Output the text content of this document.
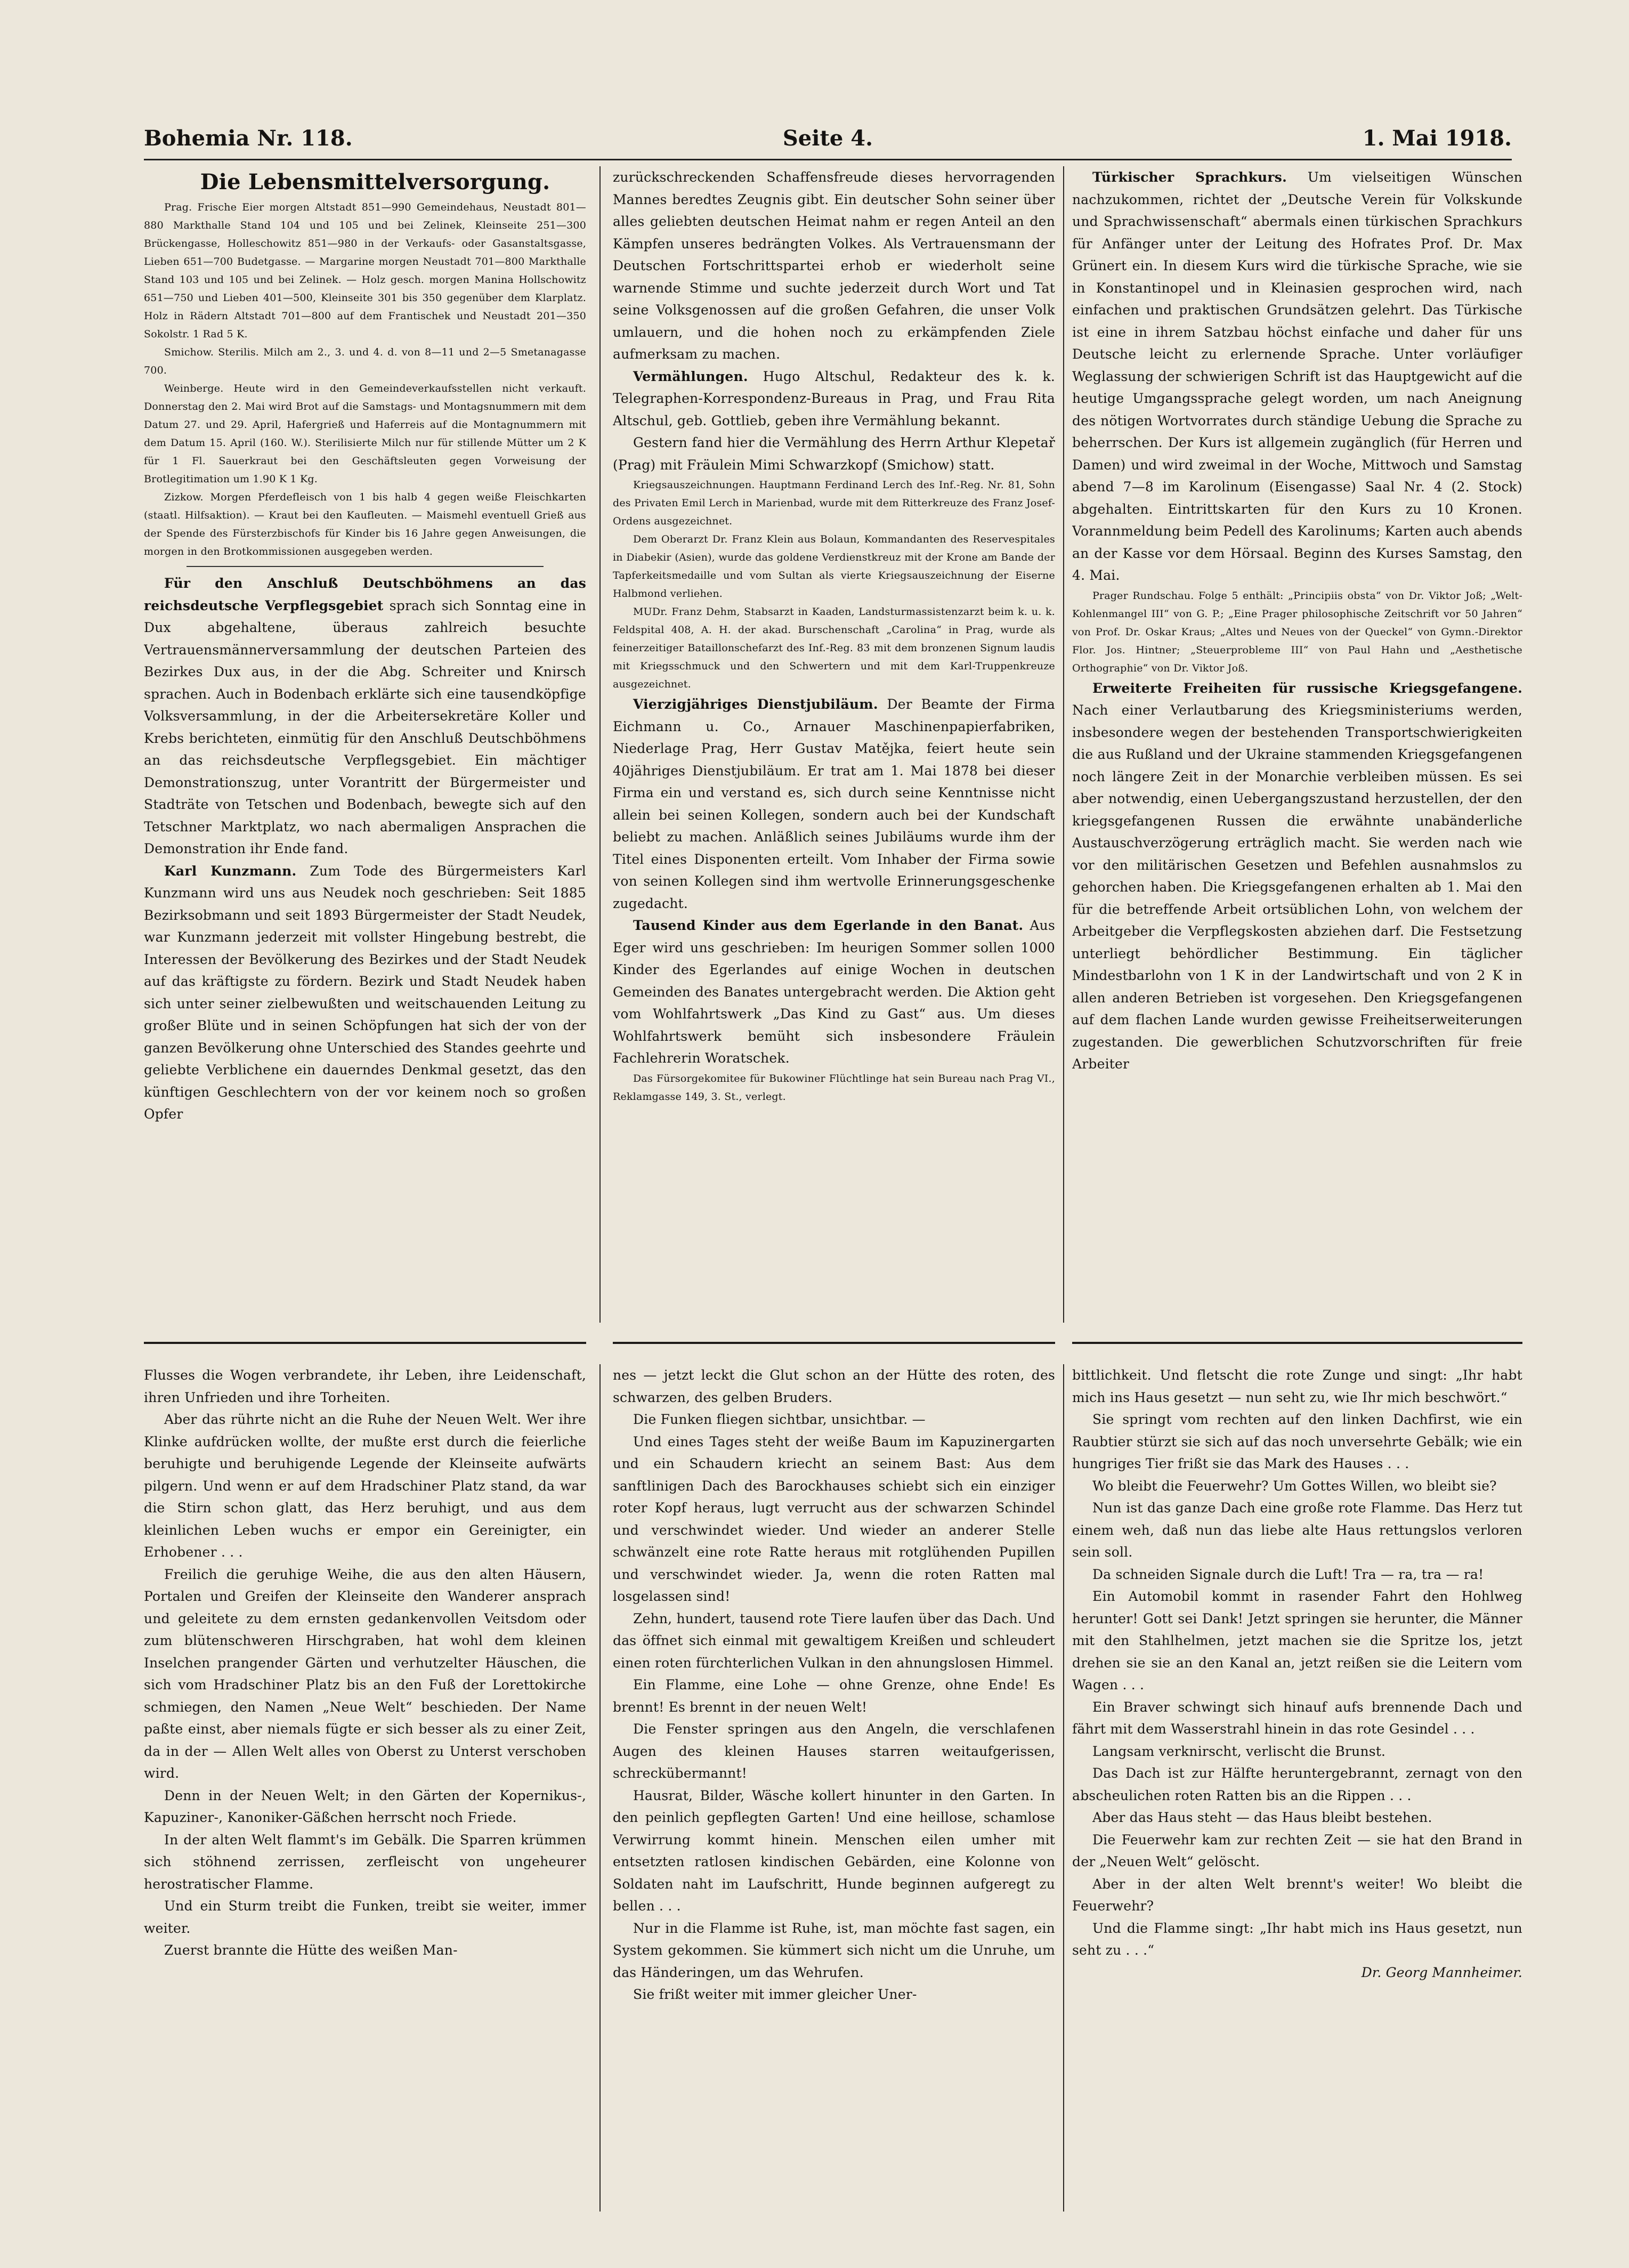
Bohemia Nr. 118.	Seite 4.	1. Mai 1918.

Die Lebensmittelversorgung.

Prag. Frische Eier morgen Altstadt 851—990 Gemeindehaus, Neustadt 801—880 Markthalle Stand 104 und 105 und bei Zelinek, Kleinseite 251—300 Brückengasse, Holleschowitz 851—980 in der Verkaufs- oder Gasanstaltsgasse, Lieben 651—700 Budetgasse. — Margarine morgen Neustadt 701—800 Markthalle Stand 103 und 105 und bei Zelinek. — Holz gesch. morgen Manina Hollschowitz 651—750 und Lieben 401—500, Kleinseite 301 bis 350 gegenüber dem Klarplatz. Holz in Rädern Altstadt 701—800 auf dem Frantischek und Neustadt 201—350 Sokolstr. 1 Rad 5 K.

Smichow. Sterilis. Milch am 2., 3. und 4. d. von 8—11 und 2—5 Smetanagasse 700.

Weinberge. Heute wird in den Gemeindeverkaufsstellen nicht verkauft. Donnerstag den 2. Mai wird Brot auf die Samstags- und Montagsnummern mit dem Datum 27. und 29. April, Hafergrieß und Haferreis auf die Montagnummern mit dem Datum 15. April (160. W.). Sterilisierte Milch nur für stillende Mütter um 2 K für 1 Fl. Sauerkraut bei den Geschäftsleuten gegen Vorweisung der Brotlegitimation um 1.90 K 1 Kg.

Zizkow. Morgen Pferdefleisch von 1 bis halb 4 gegen weiße Fleischkarten (staatl. Hilfsaktion). — Kraut bei den Kaufleuten. — Maismehl eventuell Grieß aus der Spende des Fürsterzbischofs für Kinder bis 16 Jahre gegen Anweisungen, die morgen in den Brotkommissionen ausgegeben werden.

Für den Anschluß Deutschböhmens an das reichsdeutsche Verpflegsgebiet sprach sich Sonntag eine in Dux abgehaltene, überaus zahlreich besuchte Vertrauensmännerversammlung der deutschen Parteien des Bezirkes Dux aus, in der die Abg. Schreiter und Knirsch sprachen. Auch in Bodenbach erklärte sich eine tausendköpfige Volksversammlung, in der die Arbeitersekretäre Koller und Krebs berichteten, einmütig für den Anschluß Deutschböhmens an das reichsdeutsche Verpflegsgebiet. Ein mächtiger Demonstrationszug, unter Vorantritt der Bürgermeister und Stadträte von Tetschen und Bodenbach, bewegte sich auf den Tetschner Marktplatz, wo nach abermaligen Ansprachen die Demonstration ihr Ende fand.

Karl Kunzmann. Zum Tode des Bürgermeisters Karl Kunzmann wird uns aus Neudek noch geschrieben: Seit 1885 Bezirksobmann und seit 1893 Bürgermeister der Stadt Neudek, war Kunzmann jederzeit mit vollster Hingebung bestrebt, die Interessen der Bevölkerung des Bezirkes und der Stadt Neudek auf das kräftigste zu fördern. Bezirk und Stadt Neudek haben sich unter seiner zielbewußten und weitschauenden Leitung zu großer Blüte und in seinen Schöpfungen hat sich der von der ganzen Bevölkerung ohne Unterschied des Standes geehrte und geliebte Verblichene ein dauerndes Denkmal gesetzt, das den künftigen Geschlechtern von der vor keinem noch so großen Opfer

zurückschreckenden Schaffensfreude dieses hervorragenden Mannes beredtes Zeugnis gibt. Ein deutscher Sohn seiner über alles geliebten deutschen Heimat nahm er regen Anteil an den Kämpfen unseres bedrängten Volkes. Als Vertrauensmann der Deutschen Fortschrittspartei erhob er wiederholt seine warnende Stimme und suchte jederzeit durch Wort und Tat seine Volksgenossen auf die großen Gefahren, die unser Volk umlauern, und die hohen noch zu erkämpfenden Ziele aufmerksam zu machen.

Vermählungen. Hugo Altschul, Redakteur des k. k. Telegraphen-Korrespondenz-Bureaus in Prag, und Frau Rita Altschul, geb. Gottlieb, geben ihre Vermählung bekannt.

Gestern fand hier die Vermählung des Herrn Arthur Klepetař (Prag) mit Fräulein Mimi Schwarzkopf (Smichow) statt.

Kriegsauszeichnungen. Hauptmann Ferdinand Lerch des Inf.-Reg. Nr. 81, Sohn des Privaten Emil Lerch in Marienbad, wurde mit dem Ritterkreuze des Franz Josef-Ordens ausgezeichnet.

Dem Oberarzt Dr. Franz Klein aus Bolaun, Kommandanten des Reservespitales in Diabekir (Asien), wurde das goldene Verdienstkreuz mit der Krone am Bande der Tapferkeitsmedaille und vom Sultan als vierte Kriegsauszeichnung der Eiserne Halbmond verliehen.

MUDr. Franz Dehm, Stabsarzt in Kaaden, Landsturmassistenzarzt beim k. u. k. Feldspital 408, A. H. der akad. Burschenschaft „Carolina“ in Prag, wurde als feinerzeitiger Bataillonschefarzt des Inf.-Reg. 83 mit dem bronzenen Signum laudis mit Kriegsschmuck und den Schwertern und mit dem Karl-Truppenkreuze ausgezeichnet.

Vierzigjähriges Dienstjubiläum. Der Beamte der Firma Eichmann u. Co., Arnauer Maschinenpapierfabriken, Niederlage Prag, Herr Gustav Matějka, feiert heute sein 40jähriges Dienstjubiläum. Er trat am 1. Mai 1878 bei dieser Firma ein und verstand es, sich durch seine Kenntnisse nicht allein bei seinen Kollegen, sondern auch bei der Kundschaft beliebt zu machen. Anläßlich seines Jubiläums wurde ihm der Titel eines Disponenten erteilt. Vom Inhaber der Firma sowie von seinen Kollegen sind ihm wertvolle Erinnerungsgeschenke zugedacht.

Tausend Kinder aus dem Egerlande in den Banat. Aus Eger wird uns geschrieben: Im heurigen Sommer sollen 1000 Kinder des Egerlandes auf einige Wochen in deutschen Gemeinden des Banates untergebracht werden. Die Aktion geht vom Wohlfahrtswerk „Das Kind zu Gast“ aus. Um dieses Wohlfahrtswerk bemüht sich insbesondere Fräulein Fachlehrerin Woratschek.

Das Fürsorgekomitee für Bukowiner Flüchtlinge hat sein Bureau nach Prag VI., Reklamgasse 149, 3. St., verlegt.

Türkischer Sprachkurs. Um vielseitigen Wünschen nachzukommen, richtet der „Deutsche Verein für Volkskunde und Sprachwissenschaft“ abermals einen türkischen Sprachkurs für Anfänger unter der Leitung des Hofrates Prof. Dr. Max Grünert ein. In diesem Kurs wird die türkische Sprache, wie sie in Konstantinopel und in Kleinasien gesprochen wird, nach einfachen und praktischen Grundsätzen gelehrt. Das Türkische ist eine in ihrem Satzbau höchst einfache und daher für uns Deutsche leicht zu erlernende Sprache. Unter vorläufiger Weglassung der schwierigen Schrift ist das Hauptgewicht auf die heutige Umgangssprache gelegt worden, um nach Aneignung des nötigen Wortvorrates durch ständige Uebung die Sprache zu beherrschen. Der Kurs ist allgemein zugänglich (für Herren und Damen) und wird zweimal in der Woche, Mittwoch und Samstag abend 7—8 im Karolinum (Eisengasse) Saal Nr. 4 (2. Stock) abgehalten. Eintrittskarten für den Kurs zu 10 Kronen. Vorannmeldung beim Pedell des Karolinums; Karten auch abends an der Kasse vor dem Hörsaal. Beginn des Kurses Samstag, den 4. Mai.

Prager Rundschau. Folge 5 enthält: „Principiis obsta“ von Dr. Viktor Joß; „Welt-Kohlenmangel III“ von G. P.; „Eine Prager philosophische Zeitschrift vor 50 Jahren“ von Prof. Dr. Oskar Kraus; „Altes und Neues von der Queckel“ von Gymn.-Direktor Flor. Jos. Hintner; „Steuerprobleme III“ von Paul Hahn und „Aesthetische Orthographie“ von Dr. Viktor Joß.

Erweiterte Freiheiten für russische Kriegsgefangene. Nach einer Verlautbarung des Kriegsministeriums werden, insbesondere wegen der bestehenden Transportschwierigkeiten die aus Rußland und der Ukraine stammenden Kriegsgefangenen noch längere Zeit in der Monarchie verbleiben müssen. Es sei aber notwendig, einen Uebergangszustand herzustellen, der den kriegsgefangenen Russen die erwähnte unabänderliche Austauschverzögerung erträglich macht. Sie werden nach wie vor den militärischen Gesetzen und Befehlen ausnahmslos zu gehorchen haben. Die Kriegsgefangenen erhalten ab 1. Mai den für die betreffende Arbeit ortsüblichen Lohn, von welchem der Arbeitgeber die Verpflegskosten abziehen darf. Die Festsetzung unterliegt behördlicher Bestimmung. Ein täglicher Mindestbarlohn von 1 K in der Landwirtschaft und von 2 K in allen anderen Betrieben ist vorgesehen. Den Kriegsgefangenen auf dem flachen Lande wurden gewisse Freiheitserweiterungen zugestanden. Die gewerblichen Schutzvorschriften für freie Arbeiter

Flusses die Wogen verbrandete, ihr Leben, ihre Leidenschaft, ihren Unfrieden und ihre Torheiten.

Aber das rührte nicht an die Ruhe der Neuen Welt. Wer ihre Klinke aufdrücken wollte, der mußte erst durch die feierliche beruhigte und beruhigende Legende der Kleinseite aufwärts pilgern. Und wenn er auf dem Hradschiner Platz stand, da war die Stirn schon glatt, das Herz beruhigt, und aus dem kleinlichen Leben wuchs er empor ein Gereinigter, ein Erhobener . . .

Freilich die geruhige Weihe, die aus den alten Häusern, Portalen und Greifen der Kleinseite den Wanderer ansprach und geleitete zu dem ernsten gedankenvollen Veitsdom oder zum blütenschweren Hirschgraben, hat wohl dem kleinen Inselchen prangender Gärten und verhutzelter Häuschen, die sich vom Hradschiner Platz bis an den Fuß der Lorettokirche schmiegen, den Namen „Neue Welt“ beschieden. Der Name paßte einst, aber niemals fügte er sich besser als zu einer Zeit, da in der — Allen Welt alles von Oberst zu Unterst verschoben wird.

Denn in der Neuen Welt; in den Gärten der Kopernikus-, Kapuziner-, Kanoniker-Gäßchen herrscht noch Friede.

In der alten Welt flammt's im Gebälk. Die Sparren krümmen sich stöhnend zerrissen, zerfleischt von ungeheurer herostratischer Flamme.

Und ein Sturm treibt die Funken, treibt sie weiter, immer weiter.

Zuerst brannte die Hütte des weißen Man-

nes — jetzt leckt die Glut schon an der Hütte des roten, des schwarzen, des gelben Bruders.

Die Funken fliegen sichtbar, unsichtbar. —

Und eines Tages steht der weiße Baum im Kapuzinergarten und ein Schaudern kriecht an seinem Bast: Aus dem sanftlinigen Dach des Barockhauses schiebt sich ein einziger roter Kopf heraus, lugt verrucht aus der schwarzen Schindel und verschwindet wieder. Und wieder an anderer Stelle schwänzelt eine rote Ratte heraus mit rotglühenden Pupillen und verschwindet wieder. Ja, wenn die roten Ratten mal losgelassen sind!

Zehn, hundert, tausend rote Tiere laufen über das Dach. Und das öffnet sich einmal mit gewaltigem Kreißen und schleudert einen roten fürchterlichen Vulkan in den ahnungslosen Himmel.

Ein Flamme, eine Lohe — ohne Grenze, ohne Ende! Es brennt! Es brennt in der neuen Welt!

Die Fenster springen aus den Angeln, die verschlafenen Augen des kleinen Hauses starren weitaufgerissen, schreckübermannt!

Hausrat, Bilder, Wäsche kollert hinunter in den Garten. In den peinlich gepflegten Garten! Und eine heillose, schamlose Verwirrung kommt hinein. Menschen eilen umher mit entsetzten ratlosen kindischen Gebärden, eine Kolonne von Soldaten naht im Laufschritt, Hunde beginnen aufgeregt zu bellen . . .

Nur in die Flamme ist Ruhe, ist, man möchte fast sagen, ein System gekommen. Sie kümmert sich nicht um die Unruhe, um das Händeringen, um das Wehrufen.

Sie frißt weiter mit immer gleicher Uner-

bittlichkeit. Und fletscht die rote Zunge und singt: „Ihr habt mich ins Haus gesetzt — nun seht zu, wie Ihr mich beschwört.“

Sie springt vom rechten auf den linken Dachfirst, wie ein Raubtier stürzt sie sich auf das noch unversehrte Gebälk; wie ein hungriges Tier frißt sie das Mark des Hauses . . .

Wo bleibt die Feuerwehr? Um Gottes Willen, wo bleibt sie?

Nun ist das ganze Dach eine große rote Flamme. Das Herz tut einem weh, daß nun das liebe alte Haus rettungslos verloren sein soll.

Da schneiden Signale durch die Luft! Tra — ra, tra — ra!

Ein Automobil kommt in rasender Fahrt den Hohlweg herunter! Gott sei Dank! Jetzt springen sie herunter, die Männer mit den Stahlhelmen, jetzt machen sie die Spritze los, jetzt drehen sie sie an den Kanal an, jetzt reißen sie die Leitern vom Wagen . . .

Ein Braver schwingt sich hinauf aufs brennende Dach und fährt mit dem Wasserstrahl hinein in das rote Gesindel . . .

Langsam verknirscht, verlischt die Brunst.

Das Dach ist zur Hälfte heruntergebrannt, zernagt von den abscheulichen roten Ratten bis an die Rippen . . .

Aber das Haus steht — das Haus bleibt bestehen.

Die Feuerwehr kam zur rechten Zeit — sie hat den Brand in der „Neuen Welt“ gelöscht.

Aber in der alten Welt brennt's weiter! Wo bleibt die Feuerwehr?

Und die Flamme singt: „Ihr habt mich ins Haus gesetzt, nun seht zu . . .“

Dr. Georg Mannheimer.
